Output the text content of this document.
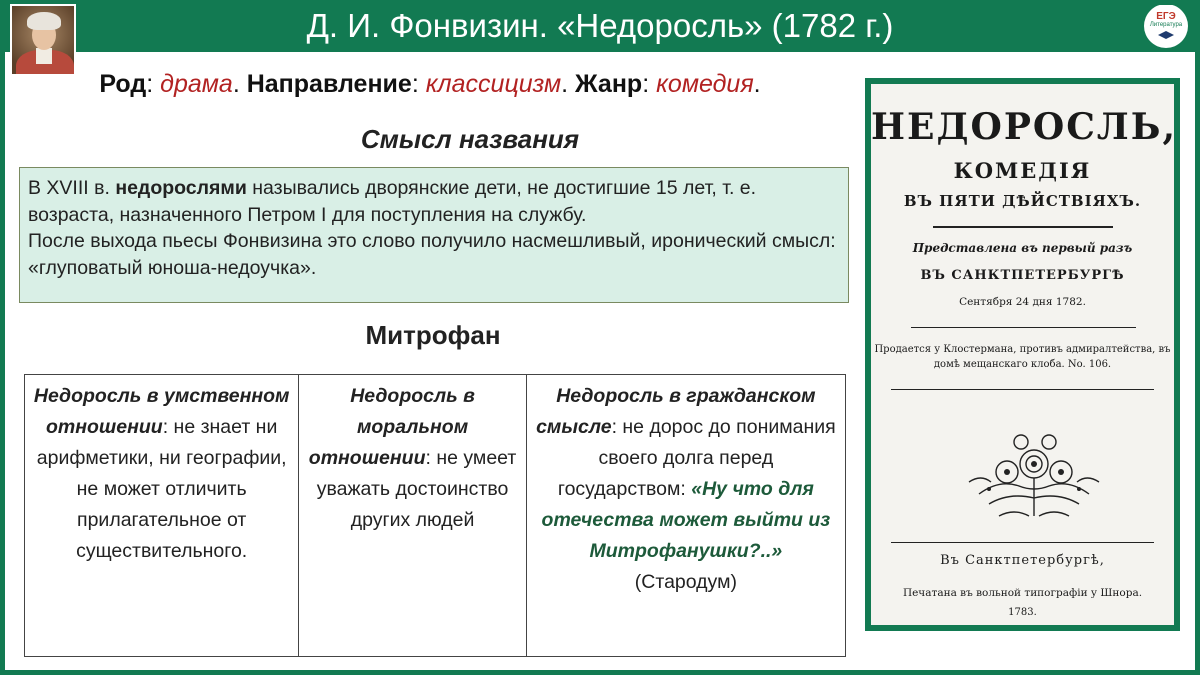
Д. И. Фонвизин. «Недоросль» (1782 г.)	ЕГЭ
Литература
Род: драма. Направление: классицизм. Жанр: комедия.
Смысл названия
В XVIII в. недорослями назывались дворянские дети, не достигшие 15 лет, т. е. возраста, назначенного Петром I для поступления на службу.
После выхода пьесы Фонвизина это слово получило насмешливый, иронический смысл: «глуповатый юноша-недоучка».
Митрофан
Недоросль в умственном отношении: не знает ни арифметики, ни географии, не может отличить прилагательное от существительного.
Недоросль в моральном отношении: не умеет уважать достоинство других людей
Недоросль в гражданском смысле: не дорос до понимания своего долга перед государством: «Ну что для отечества может выйти из Митрофанушки?..»
(Стародум)
НЕДОРОСЛЬ,
КОМЕДІЯ
ВЪ ПЯТИ ДѢЙСТВІЯХЪ.
Представлена въ первый разъ
ВЪ САНКТПЕТЕРБУРГѢ
Сентября 24 дня 1782.
Продается у Клостермана, противъ адмиралтейства, въ домѣ мещанскаго клоба. No. 106.
Въ Санктпетербургѣ,
Печатана въ вольной типографіи у Шнора.
1783.
